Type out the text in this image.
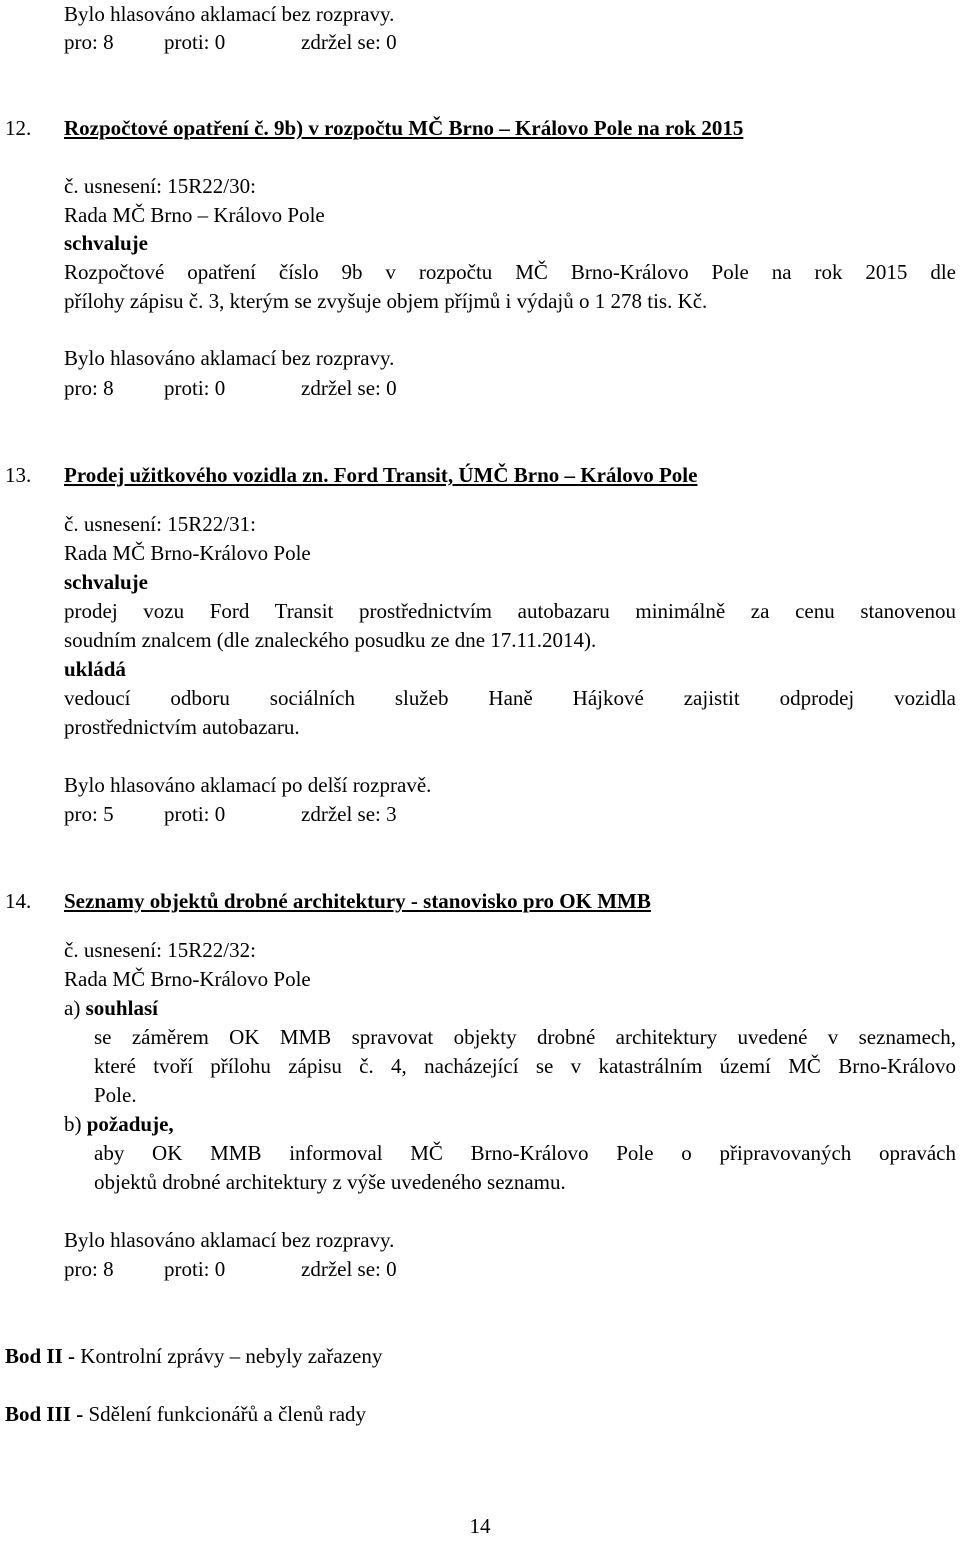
Bylo hlasováno aklamací bez rozpravy.
pro: 8 proti: 0	zdržel se: 0
12. Rozpočtové opatření č. 9b) v rozpočtu MČ Brno – Královo Pole na rok 2015
č. usnesení: 15R22/30:
Rada MČ Brno – Královo Pole
schvaluje
Rozpočtové opatření číslo 9b v rozpočtu MČ Brno-Královo Pole na rok 2015 dle
přílohy zápisu č. 3, kterým se zvyšuje objem příjmů i výdajů o 1 278 tis. Kč.
Bylo hlasováno aklamací bez rozpravy.
pro: 8 proti: 0	zdržel se: 0
13. Prodej užitkového vozidla zn. Ford Transit, ÚMČ Brno – Královo Pole
č. usnesení: 15R22/31:
Rada MČ Brno-Královo Pole
schvaluje
prodej vozu Ford Transit prostřednictvím autobazaru minimálně za cenu stanovenou
soudním znalcem (dle znaleckého posudku ze dne 17.11.2014).
ukládá
vedoucí odboru sociálních služeb Haně Hájkové zajistit odprodej vozidla
prostřednictvím autobazaru.
Bylo hlasováno aklamací po delší rozpravě.
pro: 5 proti: 0	zdržel se: 3
14. Seznamy objektů drobné architektury - stanovisko pro OK MMB
č. usnesení: 15R22/32:
Rada MČ Brno-Královo Pole
a) souhlasí
se záměrem OK MMB spravovat objekty drobné architektury uvedené v seznamech,
které tvoří přílohu zápisu č. 4, nacházející se v katastrálním území MČ Brno-Královo
Pole.
b) požaduje,
aby OK MMB informoval MČ Brno-Královo Pole o připravovaných opravách
objektů drobné architektury z výše uvedeného seznamu.
Bylo hlasováno aklamací bez rozpravy.
pro: 8 proti: 0	zdržel se: 0
Bod II - Kontrolní zprávy – nebyly zařazeny
Bod III - Sdělení funkcionářů a členů rady
14
